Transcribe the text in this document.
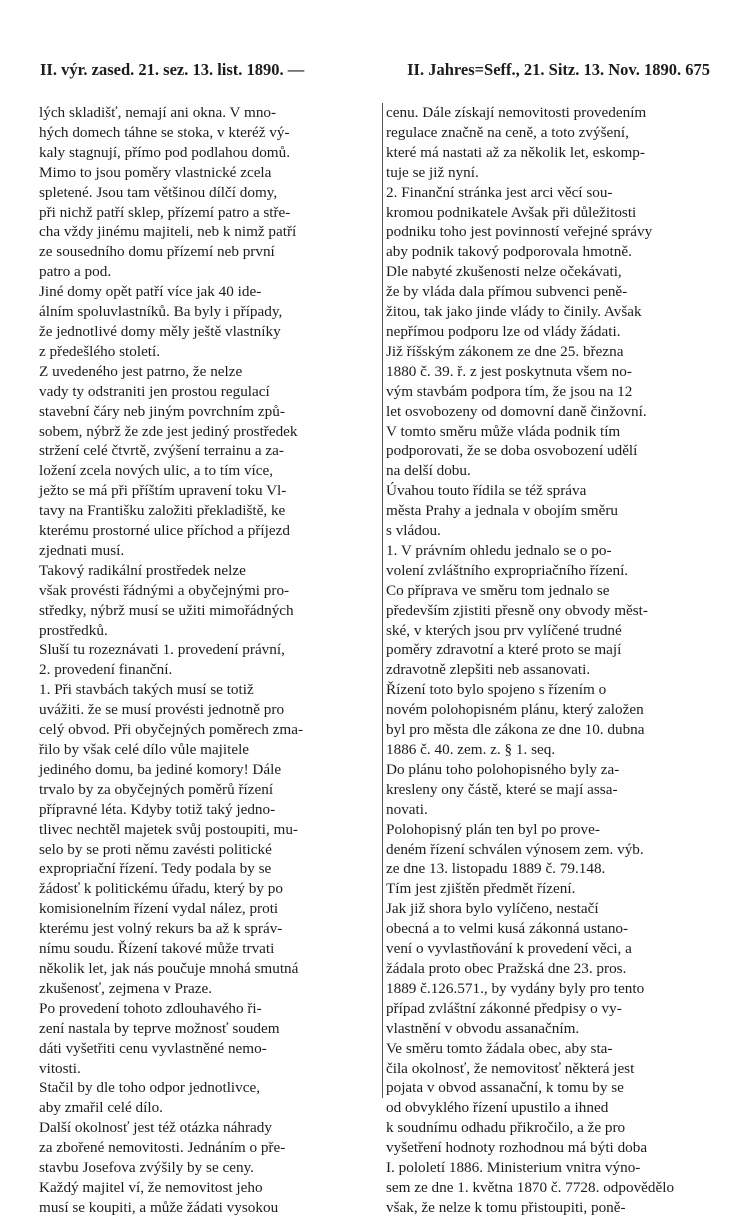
II. výr. zased. 21. sez. 13. list. 1890. —	II. Jahres=Seff., 21. Sitz. 13. Nov. 1890. 675

lých skladišť, nemají ani okna. V mno-

hých domech táhne se stoka, v kteréž vý-

kaly stagnují, přímo pod podlahou domů.

Mimo to jsou poměry vlastnické zcela

spletené. Jsou tam většinou dílčí domy,

při nichž patří sklep, přízemí patro a stře-

cha vždy jinému majiteli, neb k nimž patří

ze sousedního domu přízemí neb první

patro a pod.

Jiné domy opět patří více jak 40 ide-

álním spoluvlastníků. Ba byly i případy,

že jednotlivé domy měly ještě vlastníky

z předešlého století.

Z uvedeného jest patrno, že nelze

vady ty odstraniti jen prostou regulací

stavební čáry neb jiným povrchním způ-

sobem, nýbrž že zde jest jediný prostředek

stržení celé čtvrtě, zvýšení terrainu a za-

ložení zcela nových ulic, a to tím více,

ježto se má při příštím upravení toku Vl-

tavy na Františku založiti překladiště, ke

kterému prostorné ulice příchod a příjezd

zjednati musí.

Takový radikální prostředek nelze

však provésti řádnými a obyčejnými pro-

středky, nýbrž musí se užiti mimořádných

prostředků.

Sluší tu rozeznávati 1. provedení právní,

2. provedení finanční.

1. Při stavbách takých musí se totiž

uvážiti. že se musí provésti jednotně pro

celý obvod. Při obyčejných poměrech zma-

řilo by však celé dílo vůle majitele

jediného domu, ba jediné komory! Dále

trvalo by za obyčejných poměrů řízení

přípravné léta. Kdyby totiž taký jedno-

tlivec nechtěl majetek svůj postoupiti, mu-

selo by se proti němu zavésti politické

expropriační řízení. Tedy podala by se

žádosť k politickému úřadu, který by po

komisionelním řízení vydal nález, proti

kterému jest volný rekurs ba až k správ-

nímu soudu. Řízení takové může trvati

několik let, jak nás poučuje mnohá smutná

zkušenosť, zejmena v Praze.

Po provedení tohoto zdlouhavého ři-

zení nastala by teprve možnosť soudem

dáti vyšetřiti cenu vyvlastněné nemo-

vitosti.

Stačil by dle toho odpor jednotlivce,

aby zmařil celé dílo.

Další okolnosť jest též otázka náhrady

za zbořené nemovitosti. Jednáním o pře-

stavbu Josefova zvýšily by se ceny.

Každý majitel ví, že nemovitost jeho

musí se koupiti, a může žádati vysokou

cenu. Dále získají nemovitosti provedením

regulace značně na ceně, a toto zvýšení,

které má nastati až za několik let, eskomp-

tuje se již nyní.

2. Finanční stránka jest arci věcí sou-

kromou podnikatele Avšak při důležitosti

podniku toho jest povinností veřejné správy

aby podnik takový podporovala hmotně.

Dle nabyté zkušenosti nelze očekávati,

že by vláda dala přímou subvenci peně-

žitou, tak jako jinde vlády to činily. Avšak

nepřímou podporu lze od vlády žádati.

Již říšským zákonem ze dne 25. března

1880 č. 39. ř. z jest poskytnuta všem no-

vým stavbám podpora tím, že jsou na 12

let osvobozeny od domovní daně činžovní.

V tomto směru může vláda podnik tím

podporovati, že se doba osvobození udělí

na delší dobu.

Úvahou touto řídila se též správa

města Prahy a jednala v obojím směru

s vládou.

1. V právním ohledu jednalo se o po-

volení zvláštního expropriačního řízení.

Co příprava ve směru tom jednalo se

především zjistiti přesně ony obvody měst-

ské, v kterých jsou prv vylíčené trudné

poměry zdravotní a které proto se mají

zdravotně zlepšiti neb assanovati.

Řízení toto bylo spojeno s řízením o

novém polohopisném plánu, který založen

byl pro města dle zákona ze dne 10. dubna

1886 č. 40. zem. z. § 1. seq.

Do plánu toho polohopisného byly za-

kresleny ony částě, které se mají assa-

novati.

Polohopisný plán ten byl po prove-

deném řízení schválen výnosem zem. výb.

ze dne 13. listopadu 1889 č. 79.148.

Tím jest zjištěn předmět řízení.

Jak již shora bylo vylíčeno, nestačí

obecná a to velmi kusá zákonná ustano-

vení o vyvlastňování k provedení věci, a

žádala proto obec Pražská dne 23. pros.

1889 č.126.571., by vydány byly pro tento

případ zvláštní zákonné předpisy o vy-

vlastnění v obvodu assanačním.

Ve směru tomto žádala obec, aby sta-

čila okolnosť, že nemovitosť některá jest

pojata v obvod assanační, k tomu by se

od obvyklého řízení upustilo a ihned

k soudnímu odhadu přikročilo, a že pro

vyšetření hodnoty rozhodnou má býti doba

I. pololetí 1886. Ministerium vnitra výno-

sem ze dne 1. května 1870 č. 7728. odpovědělo

však, že nelze k tomu přistoupiti, poně-
